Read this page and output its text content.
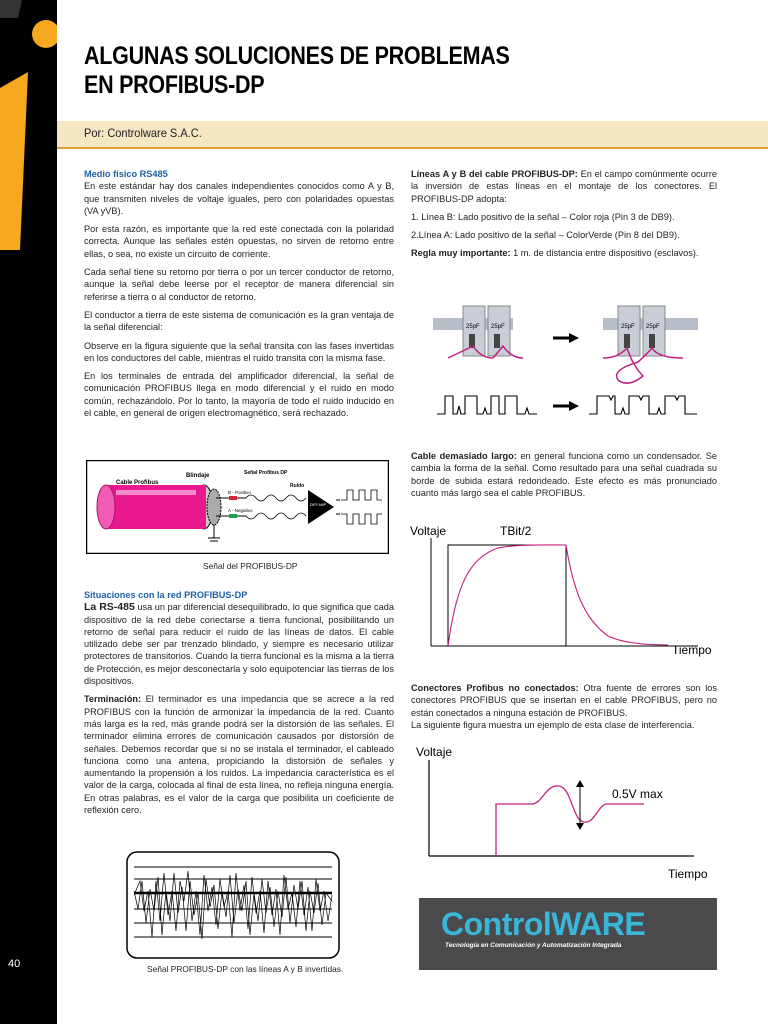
40
ALGUNAS SOLUCIONES DE PROBLEMAS
EN PROFIBUS-DP
Por: Controlware S.A.C.

Medio físico RS485

En este estándar hay dos canales independientes conocidos como A y B, que transmiten niveles de voltaje iguales, pero con polaridades opuestas (VA yVB).

Por esta razón, es importante que la red esté conectada con la polaridad correcta. Aunque las señales estén opuestas, no sirven de retorno entre ellas, o sea, no existe un circuito de corriente.

Cada señal tiene su retorno por tierra o por un tercer conductor de retorno, aunque la señal debe leerse por el receptor de manera diferencial sin referirse a tierra o al conductor de retorno.

El conductor a tierra de este sistema de comunicación es la gran ventaja de la señal diferencial:

Observe en la figura siguiente que la señal transita con las fases invertidas en los conductores del cable, mientras el ruido transita con la misma fase.

En los terminales de entrada del amplificador diferencial, la señal de comunicación PROFIBUS llega en modo diferencial y el ruido en modo común, rechazándolo. Por lo tanto, la mayoría de todo el ruido inducido en el cable, en general de origen electromagnético, será rechazado.

DIFF AMP
Cable Profibus
Blindaje	Señal Profibus DP
Ruido
B - Positivo
A - Negativo
Señal del PROFIBUS-DP

Situaciones con la red PROFIBUS-DP

La RS-485 usa un par diferencial desequilibrado, lo que significa que cada dispositivo de la red debe conectarse a tierra funcional, posibilitando un retorno de señal para reducir el ruido de las líneas de datos. El cable utilizado debe ser par trenzado blindado, y siempre es necesario utilizar protectores de transitorios. Cuando la tierra funcional es la misma a la tierra de Protección, es mejor desconectarla y solo equipotenciar las tierras de los dispositivos.

Terminación: El terminador es una impedancia que se acrece a la red PROFIBUS con la función de armonizar la impedancia de la red. Cuanto más larga es la red, más grande podrá ser la distorsión de las señales. El terminador elimina errores de comunicación causados por distorsión de señales. Debemos recordar que si no se instala el terminador, el cableado funciona como una antena, propiciando la distorsión de señales y aumentando la propensión a los ruidos. La impedancia característica es el valor de la carga, colocada al final de esta línea, no refleja ninguna energía. En otras palabras, es el valor de la carga que posibilita un coeficiente de reflexión cero.

Señal PROFIBUS-DP con las líneas A y B invertidas.

Líneas A y B del cable PROFIBUS-DP: En el campo comúnmente ocurre la inversión de estas líneas en el montaje de los conectores. El PROFIBUS-DP adopta:

1. Línea B: Lado positivo de la señal – Color roja (Pin 3 de DB9).

2.Línea A: Lado positivo de la señal – ColorVerde (Pin 8 del DB9).

Regla muy importante: 1 m. de distancia entre dispositivo (esclavos).

25pF 25pF	25pF 25pF

Cable demasiado largo: en general funciona como un condensador. Se cambia la forma de la señal. Como resultado para una señal cuadrada su borde de subida estará redondeado. Este efecto es más pronunciado cuanto más largo sea el cable PROFIBUS.

Voltaje
Tiempo
TBit/2

Conectores Profibus no conectados: Otra fuente de errores son los conectores PROFIBUS que se insertan en el cable PROFIBUS, pero no están conectados a ninguna estación de PROFIBUS.

La siguiente figura muestra un ejemplo de esta clase de interferencia.

Voltaje
Tiempo
0.5V max
ControlWARE
Tecnología en Comunicación y Automatización Integrada
